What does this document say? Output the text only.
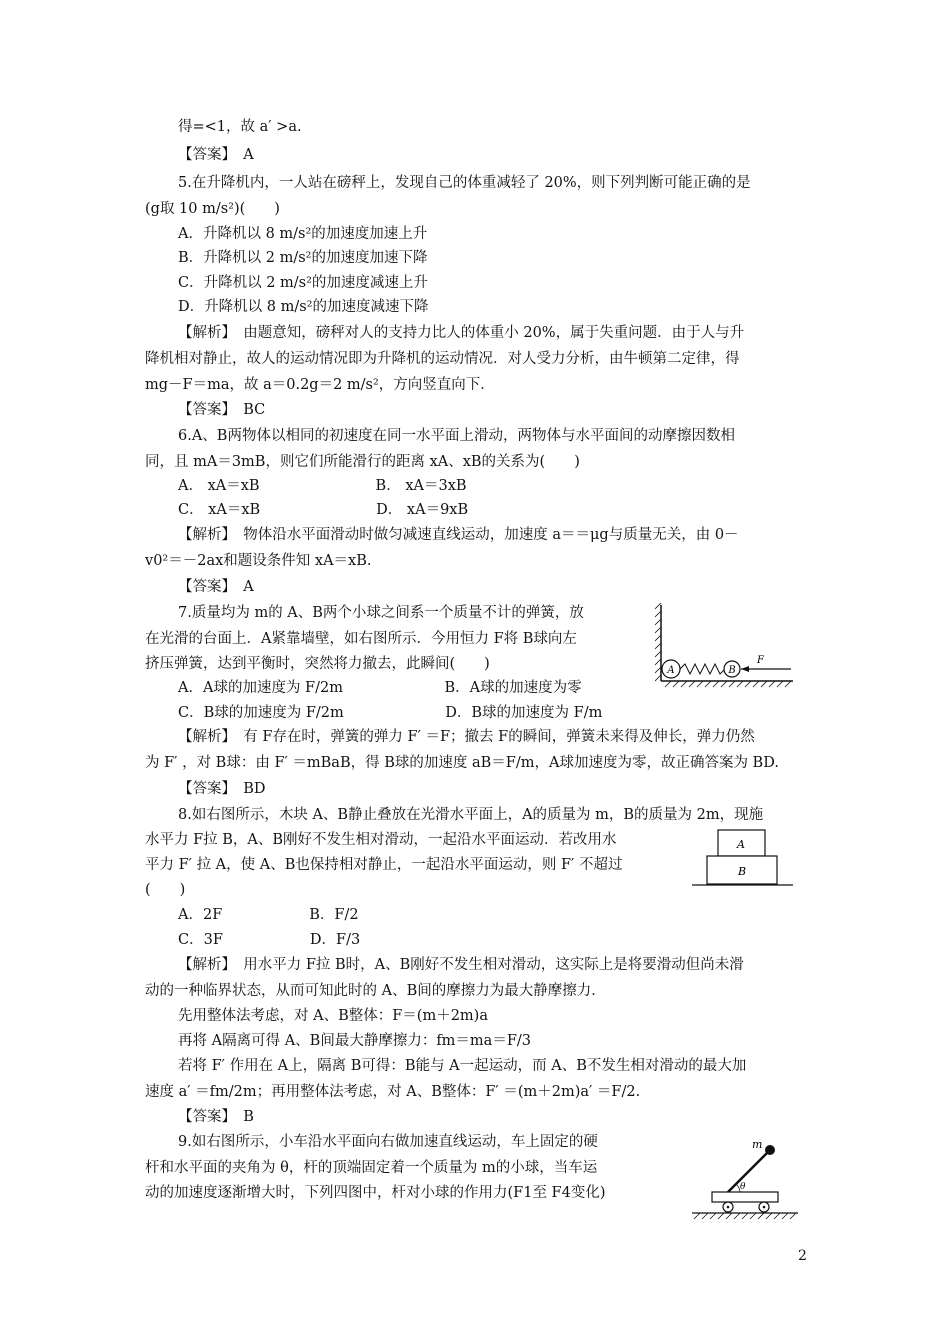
得=<1，故 a′ >a.
【答案】　A
5.在升降机内，一人站在磅秤上，发现自己的体重减轻了 20%，则下列判断可能正确的是
(g取 10 m/s²)(　　)
A．升降机以 8 m/s²的加速度加速上升
B．升降机以 2 m/s²的加速度加速下降
C．升降机以 2 m/s²的加速度减速上升
D．升降机以 8 m/s²的加速度减速下降
【解析】　由题意知，磅秤对人的支持力比人的体重小 20%，属于失重问题．由于人与升
降机相对静止，故人的运动情况即为升降机的运动情况．对人受力分析，由牛顿第二定律，得
mg－F＝ma，故 a＝0.2g＝2 m/s²，方向竖直向下．
【答案】　BC
6.A、B两物体以相同的初速度在同一水平面上滑动，两物体与水平面间的动摩擦因数相
同，且 mA＝3mB，则它们所能滑行的距离 xA、xB的关系为(　　)
A． xA＝xB　　　　　　　　B． xA＝3xB
C． xA＝xB　　　　　　　　D． xA＝9xB
【解析】　物体沿水平面滑动时做匀减速直线运动，加速度 a＝＝μg与质量无关，由 0－
v0²＝－2ax和题设条件知 xA＝xB.
【答案】　A
7.质量均为 m的 A、B两个小球之间系一个质量不计的弹簧，放
在光滑的台面上．A紧靠墙壁，如右图所示．今用恒力 F将 B球向左
挤压弹簧，达到平衡时，突然将力撤去，此瞬间(　　)
A．A球的加速度为 F/2m　　　　　　　B．A球的加速度为零
C．B球的加速度为 F/2m　　　　　　　D．B球的加速度为 F/m
【解析】　有 F存在时，弹簧的弹力 F′ ＝F；撤去 F的瞬间，弹簧未来得及伸长，弹力仍然
为 F′ ，对 B球：由 F′ ＝mBaB，得 B球的加速度 aB＝F/m，A球加速度为零，故正确答案为 BD.
【答案】　BD
8.如右图所示，木块 A、B静止叠放在光滑水平面上，A的质量为 m，B的质量为 2m，现施
水平力 F拉 B，A、B刚好不发生相对滑动，一起沿水平面运动．若改用水
平力 F′ 拉 A，使 A、B也保持相对静止，一起沿水平面运动，则 F′ 不超过
(　　)
A．2F　　　　　　B．F/2
C．3F　　　　　　D．F/3
【解析】　用水平力 F拉 B时，A、B刚好不发生相对滑动，这实际上是将要滑动但尚未滑
动的一种临界状态，从而可知此时的 A、B间的摩擦力为最大静摩擦力．
先用整体法考虑，对 A、B整体：F＝(m＋2m)a
再将 A隔离可得 A、B间最大静摩擦力：fm＝ma＝F/3
若将 F′ 作用在 A上，隔离 B可得：B能与 A一起运动，而 A、B不发生相对滑动的最大加
速度 a′ ＝fm/2m；再用整体法考虑，对 A、B整体：F′ ＝(m＋2m)a′ ＝F/2.
【答案】　B
9.如右图所示，小车沿水平面向右做加速直线运动，车上固定的硬
杆和水平面的夹角为 θ，杆的顶端固定着一个质量为 m的小球，当车运
动的加速度逐渐增大时，下列四图中，杆对小球的作用力(F1至 F4变化)
A	B
F
A
B
m
θ
2
